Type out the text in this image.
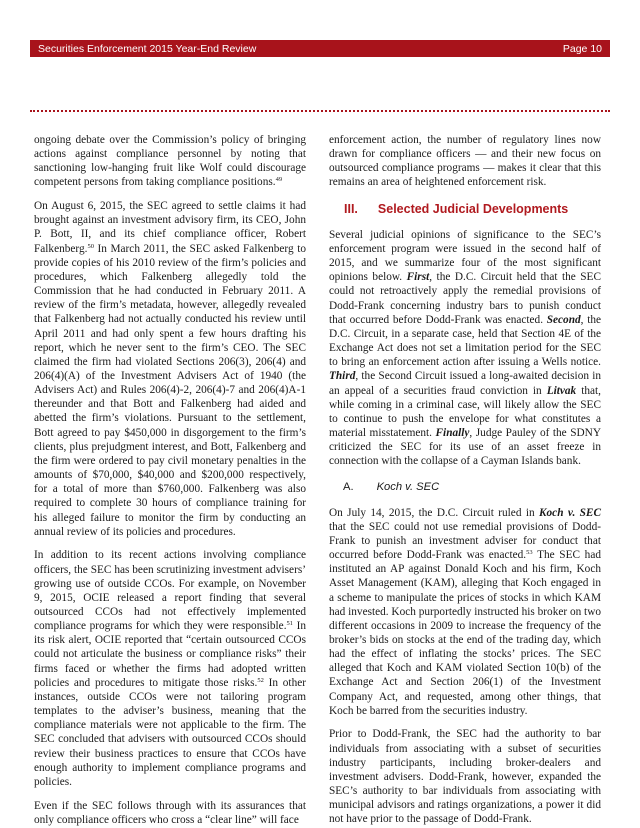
Securities Enforcement 2015 Year-End Review	Page 10

ongoing debate over the Commission’s policy of bringing actions against compliance personnel by noting that sanctioning low-hanging fruit like Wolf could discourage competent persons from taking compliance positions.$^{49}$

On August 6, 2015, the SEC agreed to settle claims it had brought against an investment advisory firm, its CEO, John P. Bott, II, and its chief compliance officer, Robert Falkenberg.$^{50}$ In March 2011, the SEC asked Falkenberg to provide copies of his 2010 review of the firm’s policies and procedures, which Falkenberg allegedly told the Commission that he had conducted in February 2011. A review of the firm’s metadata, however, allegedly revealed that Falkenberg had not actually conducted his review until April 2011 and had only spent a few hours drafting his report, which he never sent to the firm’s CEO. The SEC claimed the firm had violated Sections 206(3), 206(4) and 206(4)(A) of the Investment Advisers Act of 1940 (the Advisers Act) and Rules 206(4)-2, 206(4)-7 and 206(4)A-1 thereunder and that Bott and Falkenberg had aided and abetted the firm’s violations. Pursuant to the settlement, Bott agreed to pay $450,000 in disgorgement to the firm’s clients, plus prejudgment interest, and Bott, Falkenberg and the firm were ordered to pay civil monetary penalties in the amounts of $70,000, $40,000 and $200,000 respectively, for a total of more than $760,000. Falkenberg was also required to complete 30 hours of compliance training for his alleged failure to monitor the firm by conducting an annual review of its policies and procedures.

In addition to its recent actions involving compliance officers, the SEC has been scrutinizing investment advisers’ growing use of outside CCOs. For example, on November 9, 2015, OCIE released a report finding that several outsourced CCOs had not effectively implemented compliance programs for which they were responsible.$^{51}$ In its risk alert, OCIE reported that “certain outsourced CCOs could not articulate the business or compliance risks” their firms faced or whether the firms had adopted written policies and procedures to mitigate those risks.$^{52}$ In other instances, outside CCOs were not tailoring program templates to the adviser’s business, meaning that the compliance materials were not applicable to the firm. The SEC concluded that advisers with outsourced CCOs should review their business practices to ensure that CCOs have enough authority to implement compliance programs and policies.

Even if the SEC follows through with its assurances that only compliance officers who cross a “clear line” will face

enforcement action, the number of regulatory lines now drawn for compliance officers — and their new focus on outsourced compliance programs — makes it clear that this remains an area of heightened enforcement risk.

III. Selected Judicial Developments

Several judicial opinions of significance to the SEC’s enforcement program were issued in the second half of 2015, and we summarize four of the most significant opinions below. First, the D.C. Circuit held that the SEC could not retroactively apply the remedial provisions of Dodd-Frank concerning industry bars to punish conduct that occurred before Dodd-Frank was enacted. Second, the D.C. Circuit, in a separate case, held that Section 4E of the Exchange Act does not set a limitation period for the SEC to bring an enforcement action after issuing a Wells notice. Third, the Second Circuit issued a long-awaited decision in an appeal of a securities fraud conviction in Litvak that, while coming in a criminal case, will likely allow the SEC to continue to push the envelope for what constitutes a material misstatement. Finally, Judge Pauley of the SDNY criticized the SEC for its use of an asset freeze in connection with the collapse of a Cayman Islands bank.

A. Koch v. SEC

On July 14, 2015, the D.C. Circuit ruled in Koch v. SEC that the SEC could not use remedial provisions of Dodd-Frank to punish an investment adviser for conduct that occurred before Dodd-Frank was enacted.$^{53}$ The SEC had instituted an AP against Donald Koch and his firm, Koch Asset Management (KAM), alleging that Koch engaged in a scheme to manipulate the prices of stocks in which KAM had invested. Koch purportedly instructed his broker on two different occasions in 2009 to increase the frequency of the broker’s bids on stocks at the end of the trading day, which had the effect of inflating the stocks’ prices. The SEC alleged that Koch and KAM violated Section 10(b) of the Exchange Act and Section 206(1) of the Investment Company Act, and requested, among other things, that Koch be barred from the securities industry.

Prior to Dodd-Frank, the SEC had the authority to bar individuals from associating with a subset of securities industry participants, including broker-dealers and investment advisers. Dodd-Frank, however, expanded the SEC’s authority to bar individuals from associating with municipal advisors and ratings organizations, a power it did not have prior to the passage of Dodd-Frank.
